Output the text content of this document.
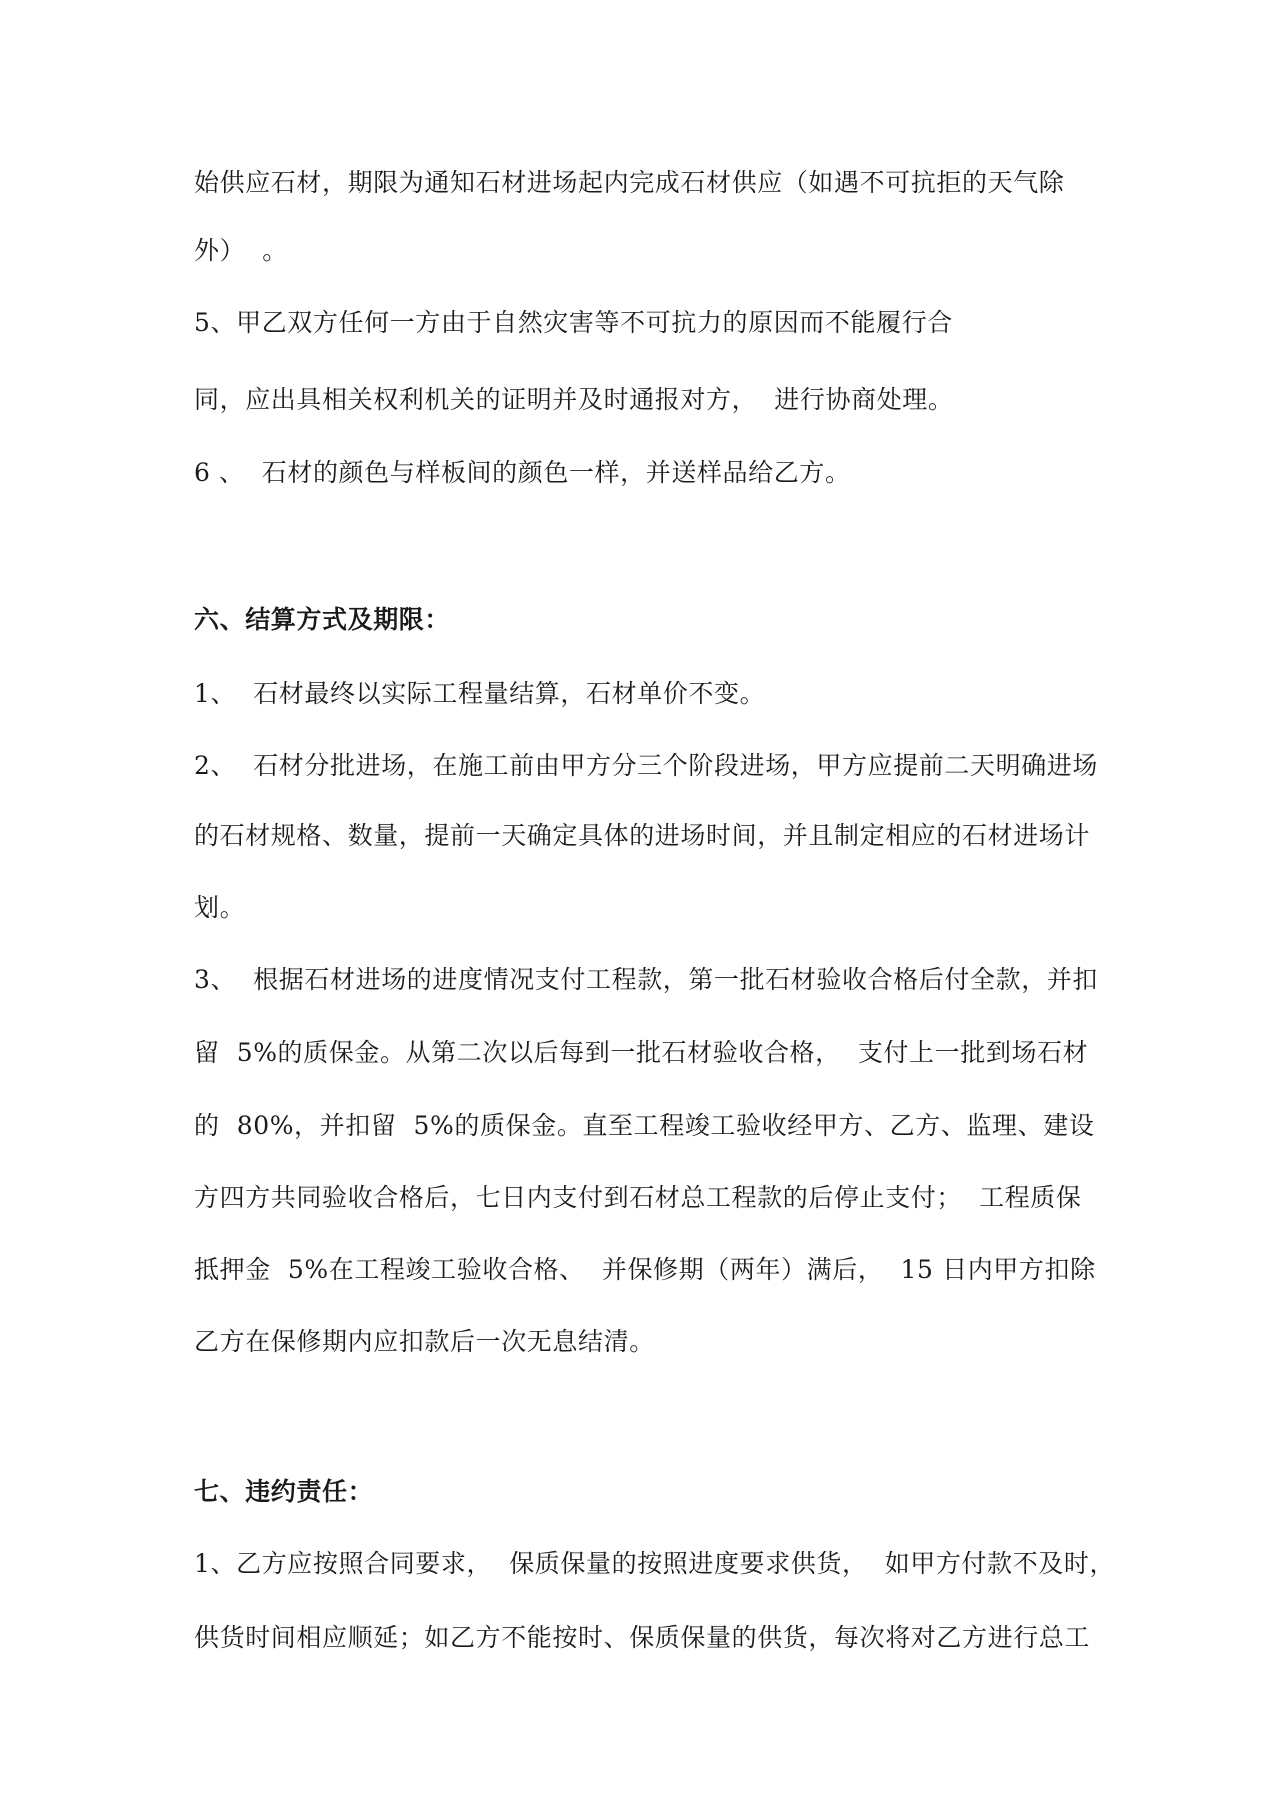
始供应石材，期限为通知石材进场起内完成石材供应（如遇不可抗拒的天气除
外）  。
5、甲乙双方任何一方由于自然灾害等不可抗力的原因而不能履行合
同，应出具相关权利机关的证明并及时通报对方，  进行协商处理。
6 、  石材的颜色与样板间的颜色一样，并送样品给乙方。
六、结算方式及期限：
1、  石材最终以实际工程量结算，石材单价不变。
2、  石材分批进场，在施工前由甲方分三个阶段进场，甲方应提前二天明确进场
的石材规格、数量，提前一天确定具体的进场时间，并且制定相应的石材进场计
划。
3、  根据石材进场的进度情况支付工程款，第一批石材验收合格后付全款，并扣
留  5%的质保金。从第二次以后每到一批石材验收合格，  支付上一批到场石材
的  80%，并扣留  5%的质保金。直至工程竣工验收经甲方、乙方、监理、建设
方四方共同验收合格后，七日内支付到石材总工程款的后停止支付；  工程质保
抵押金  5%在工程竣工验收合格、  并保修期（两年）满后，  15 日内甲方扣除
乙方在保修期内应扣款后一次无息结清。
七、违约责任：
1、乙方应按照合同要求，  保质保量的按照进度要求供货，  如甲方付款不及时，
供货时间相应顺延；如乙方不能按时、保质保量的供货，每次将对乙方进行总工
